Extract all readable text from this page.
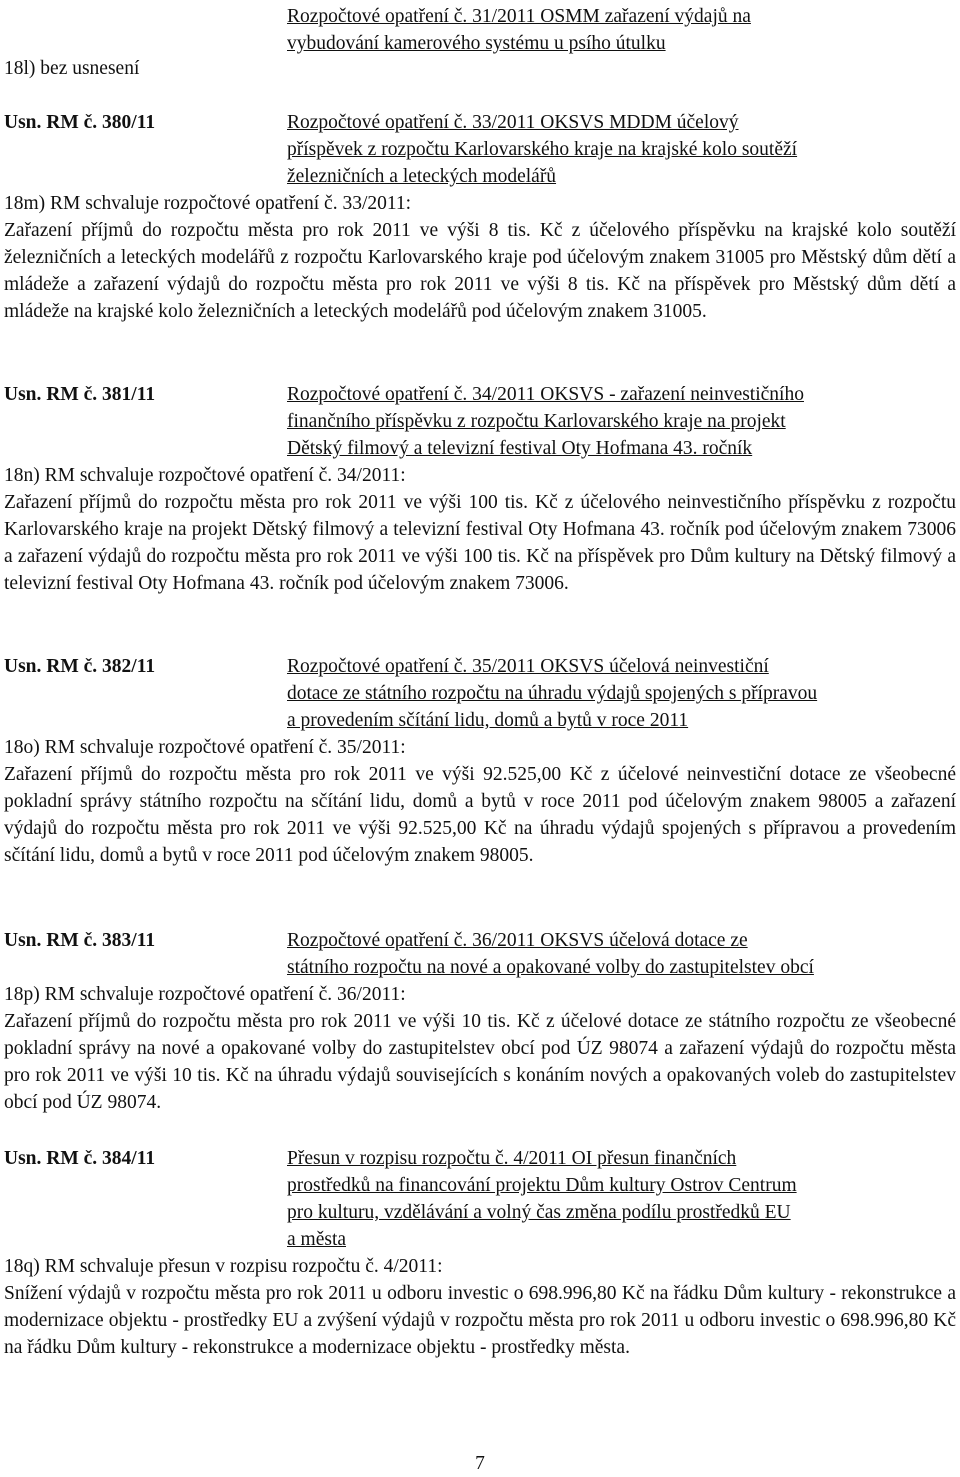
Rozpočtové opatření č. 31/2011 OSMM zařazení výdajů na
vybudování kamerového systému u psího útulku
18l) bez usnesení
Usn. RM č. 380/11	Rozpočtové opatření č. 33/2011 OKSVS MDDM účelový
příspěvek z rozpočtu Karlovarského kraje na krajské kolo soutěží
železničních a leteckých modelářů
18m) RM schvaluje rozpočtové opatření č. 33/2011:
Zařazení příjmů do rozpočtu města pro rok 2011 ve výši 8 tis. Kč z účelového příspěvku na krajské kolo soutěží železničních a leteckých modelářů z rozpočtu Karlovarského kraje pod účelovým znakem 31005 pro Městský dům dětí a mládeže a zařazení výdajů do rozpočtu města pro rok 2011 ve výši 8 tis. Kč na příspěvek pro Městský dům dětí a mládeže na krajské kolo železničních a leteckých modelářů pod účelovým znakem 31005.
Usn. RM č. 381/11	Rozpočtové opatření č. 34/2011 OKSVS - zařazení neinvestičního
finančního příspěvku z rozpočtu Karlovarského kraje na projekt
Dětský filmový a televizní festival Oty Hofmana 43. ročník
18n) RM schvaluje rozpočtové opatření č. 34/2011:
Zařazení příjmů do rozpočtu města pro rok 2011 ve výši 100 tis. Kč z účelového neinvestičního příspěvku z rozpočtu Karlovarského kraje na projekt Dětský filmový a televizní festival Oty Hofmana 43. ročník pod účelovým znakem 73006 a zařazení výdajů do rozpočtu města pro rok 2011 ve výši 100 tis. Kč na příspěvek pro Dům kultury na Dětský filmový a televizní festival Oty Hofmana 43. ročník pod účelovým znakem 73006.
Usn. RM č. 382/11	Rozpočtové opatření č. 35/2011 OKSVS účelová neinvestiční
dotace ze státního rozpočtu na úhradu výdajů spojených s přípravou
a provedením sčítání lidu, domů a bytů v roce 2011
18o) RM schvaluje rozpočtové opatření č. 35/2011:
Zařazení příjmů do rozpočtu města pro rok 2011 ve výši 92.525,00 Kč z účelové neinvestiční dotace ze všeobecné pokladní správy státního rozpočtu na sčítání lidu, domů a bytů v roce 2011 pod účelovým znakem 98005 a zařazení výdajů do rozpočtu města pro rok 2011 ve výši 92.525,00 Kč na úhradu výdajů spojených s přípravou a provedením sčítání lidu, domů a bytů v roce 2011 pod účelovým znakem 98005.
Usn. RM č. 383/11	Rozpočtové opatření č. 36/2011 OKSVS účelová dotace ze
státního rozpočtu na nové a opakované volby do zastupitelstev obcí
18p) RM schvaluje rozpočtové opatření č. 36/2011:
Zařazení příjmů do rozpočtu města pro rok 2011 ve výši 10 tis. Kč z účelové dotace ze státního rozpočtu ze všeobecné pokladní správy na nové a opakované volby do zastupitelstev obcí pod ÚZ 98074 a zařazení výdajů do rozpočtu města pro rok 2011 ve výši 10 tis. Kč na úhradu výdajů souvisejících s konáním nových a opakovaných voleb do zastupitelstev obcí pod ÚZ 98074.
Usn. RM č. 384/11	Přesun v rozpisu rozpočtu č. 4/2011 OI přesun finančních
prostředků na financování projektu Dům kultury Ostrov Centrum
pro kulturu, vzdělávání a volný čas změna podílu prostředků EU
a města
18q) RM schvaluje přesun v rozpisu rozpočtu č. 4/2011:
Snížení výdajů v rozpočtu města pro rok 2011 u odboru investic o 698.996,80 Kč na řádku Dům kultury - rekonstrukce a modernizace objektu - prostředky EU a zvýšení výdajů v rozpočtu města pro rok 2011 u odboru investic o 698.996,80 Kč na řádku Dům kultury - rekonstrukce a modernizace objektu - prostředky města.
7
